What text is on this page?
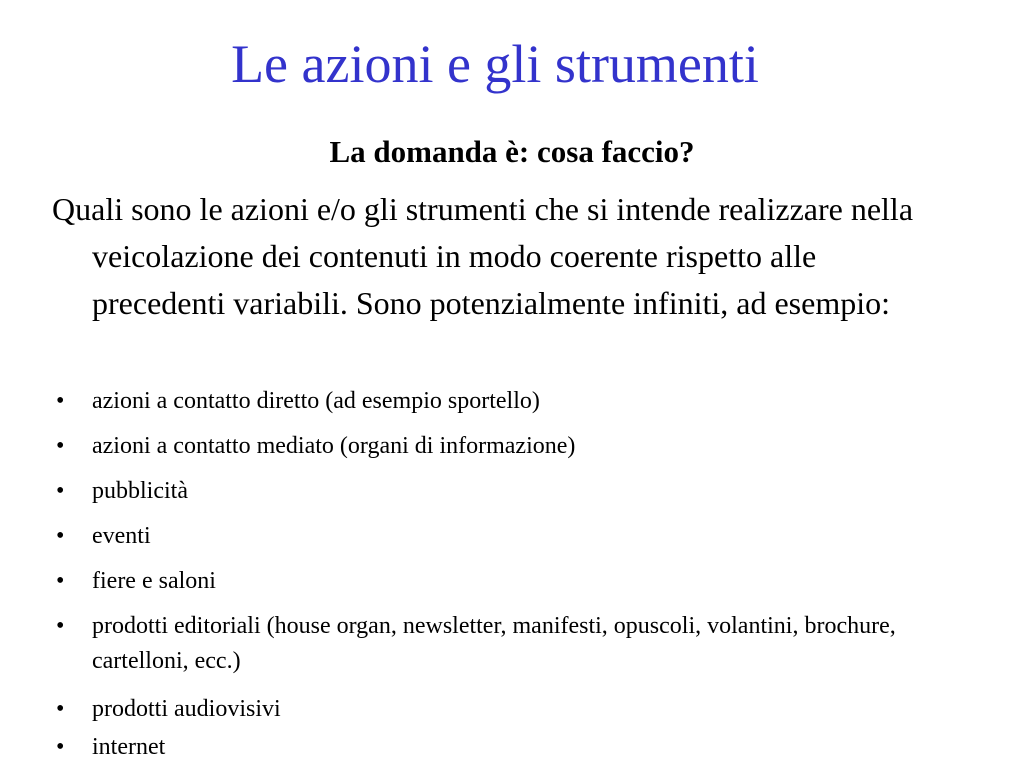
Le azioni e gli strumenti
La domanda è: cosa faccio?
Quali sono le azioni e/o gli strumenti che si intende realizzare nella veicolazione dei contenuti in modo coerente rispetto alle precedenti variabili. Sono potenzialmente infiniti, ad esempio:
•	azioni a contatto diretto (ad esempio sportello)
•	azioni a contatto mediato (organi di informazione)
•	pubblicità
•	eventi
•	fiere e saloni
•	prodotti editoriali (house organ, newsletter, manifesti, opuscoli, volantini, brochure, cartelloni, ecc.)
•	prodotti audiovisivi
•	internet
